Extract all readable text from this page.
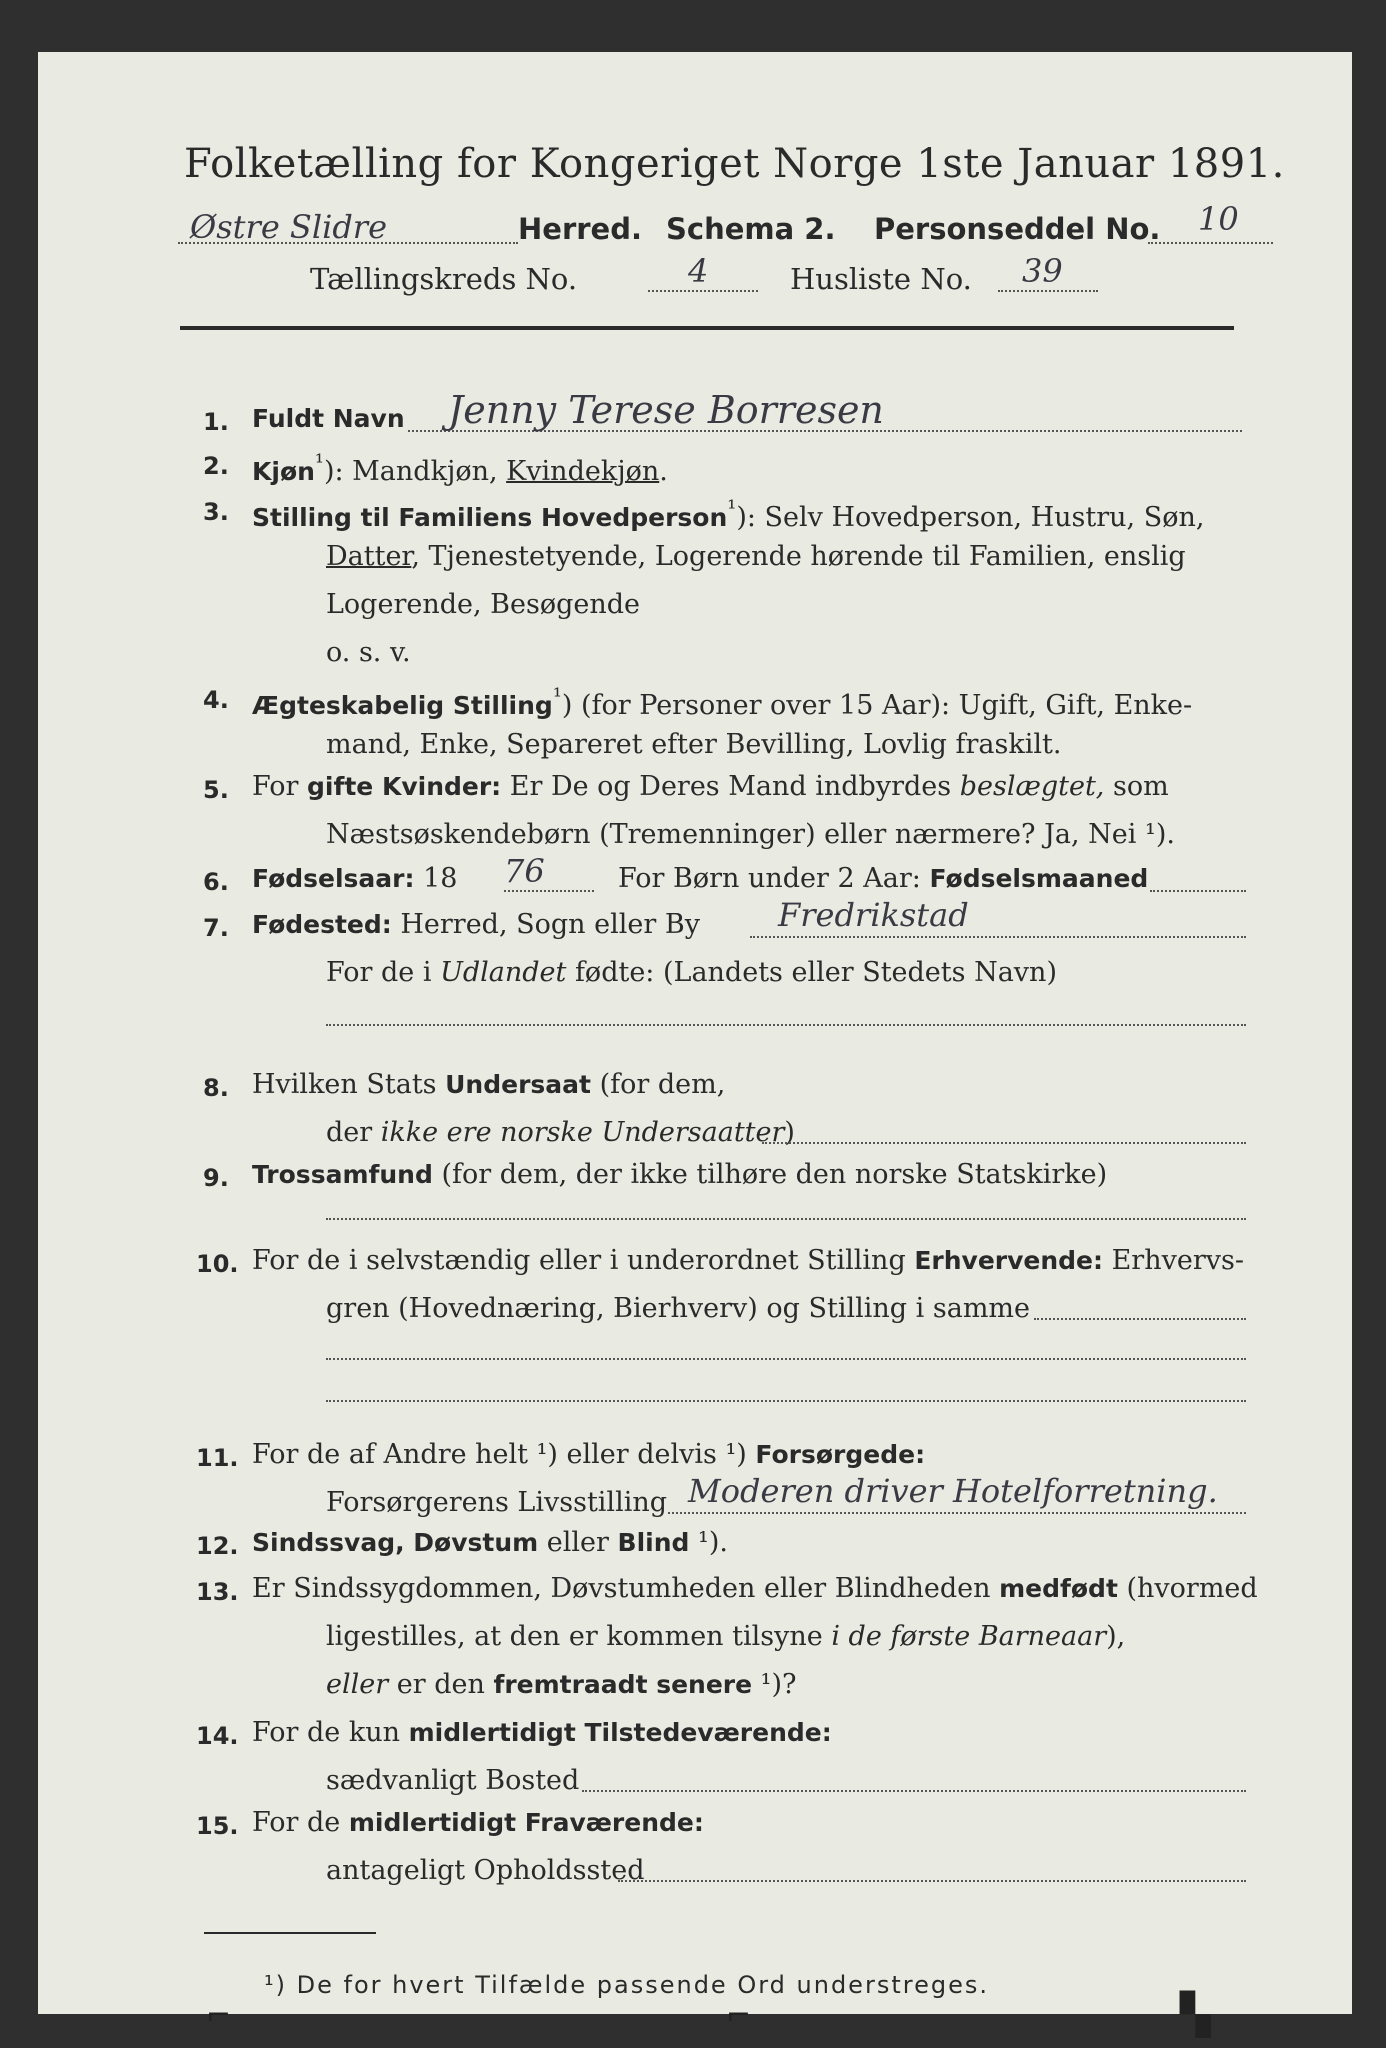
Folketælling for Kongeriget Norge 1ste Januar 1891.
Østre Slidre	Herred. Schema 2. Personseddel No. 10
Tællingskreds No.	4	Husliste No. 39
1. Fuldt Navn Jenny Terese Borresen
2. Kjøn$^{^1}$): Mandkjøn, Kvindekjøn.
3. Stilling til Familiens Hovedperson$^{^1}$): Selv Hovedperson, Hustru, Søn,
Datter, Tjenestetyende, Logerende hørende til Familien, enslig
Logerende, Besøgende
o. s. v.
4. Ægteskabelig Stilling$^{^1}$) (for Personer over 15 Aar): Ugift, Gift, Enke-
mand, Enke, Separeret efter Bevilling, Lovlig fraskilt.
5. For gifte Kvinder: Er De og Deres Mand indbyrdes beslægtet, som
Næstsøskendebørn (Tremenninger) eller nærmere? Ja, Nei ¹).
6. Fødselsaar: 18 76	For Børn under 2 Aar: Fødselsmaaned
7. Fødested: Herred, Sogn eller By Fredrikstad
For de i Udlandet fødte: (Landets eller Stedets Navn)
8. Hvilken Stats Undersaat (for dem,
der ikke ere norske Undersaatter)
9. Trossamfund (for dem, der ikke tilhøre den norske Statskirke)
10. For de i selvstændig eller i underordnet Stilling Erhvervende: Erhvervs-
gren (Hovednæring, Bierhverv) og Stilling i samme
11. For de af Andre helt ¹) eller delvis ¹) Forsørgede:
Forsørgerens Livsstilling Moderen driver Hotelforretning.
12. Sindssvag, Døvstum eller Blind ¹).
13. Er Sindssygdommen, Døvstumheden eller Blindheden medfødt (hvormed
ligestilles, at den er kommen tilsyne i de første Barneaar),
eller er den fremtraadt senere ¹)?
14. For de kun midlertidigt Tilstedeværende:
sædvanligt Bosted
15. For de midlertidigt Fraværende:
antageligt Opholdssted
¹) De for hvert Tilfælde passende Ord understreges.
⌐	⌐	▚
